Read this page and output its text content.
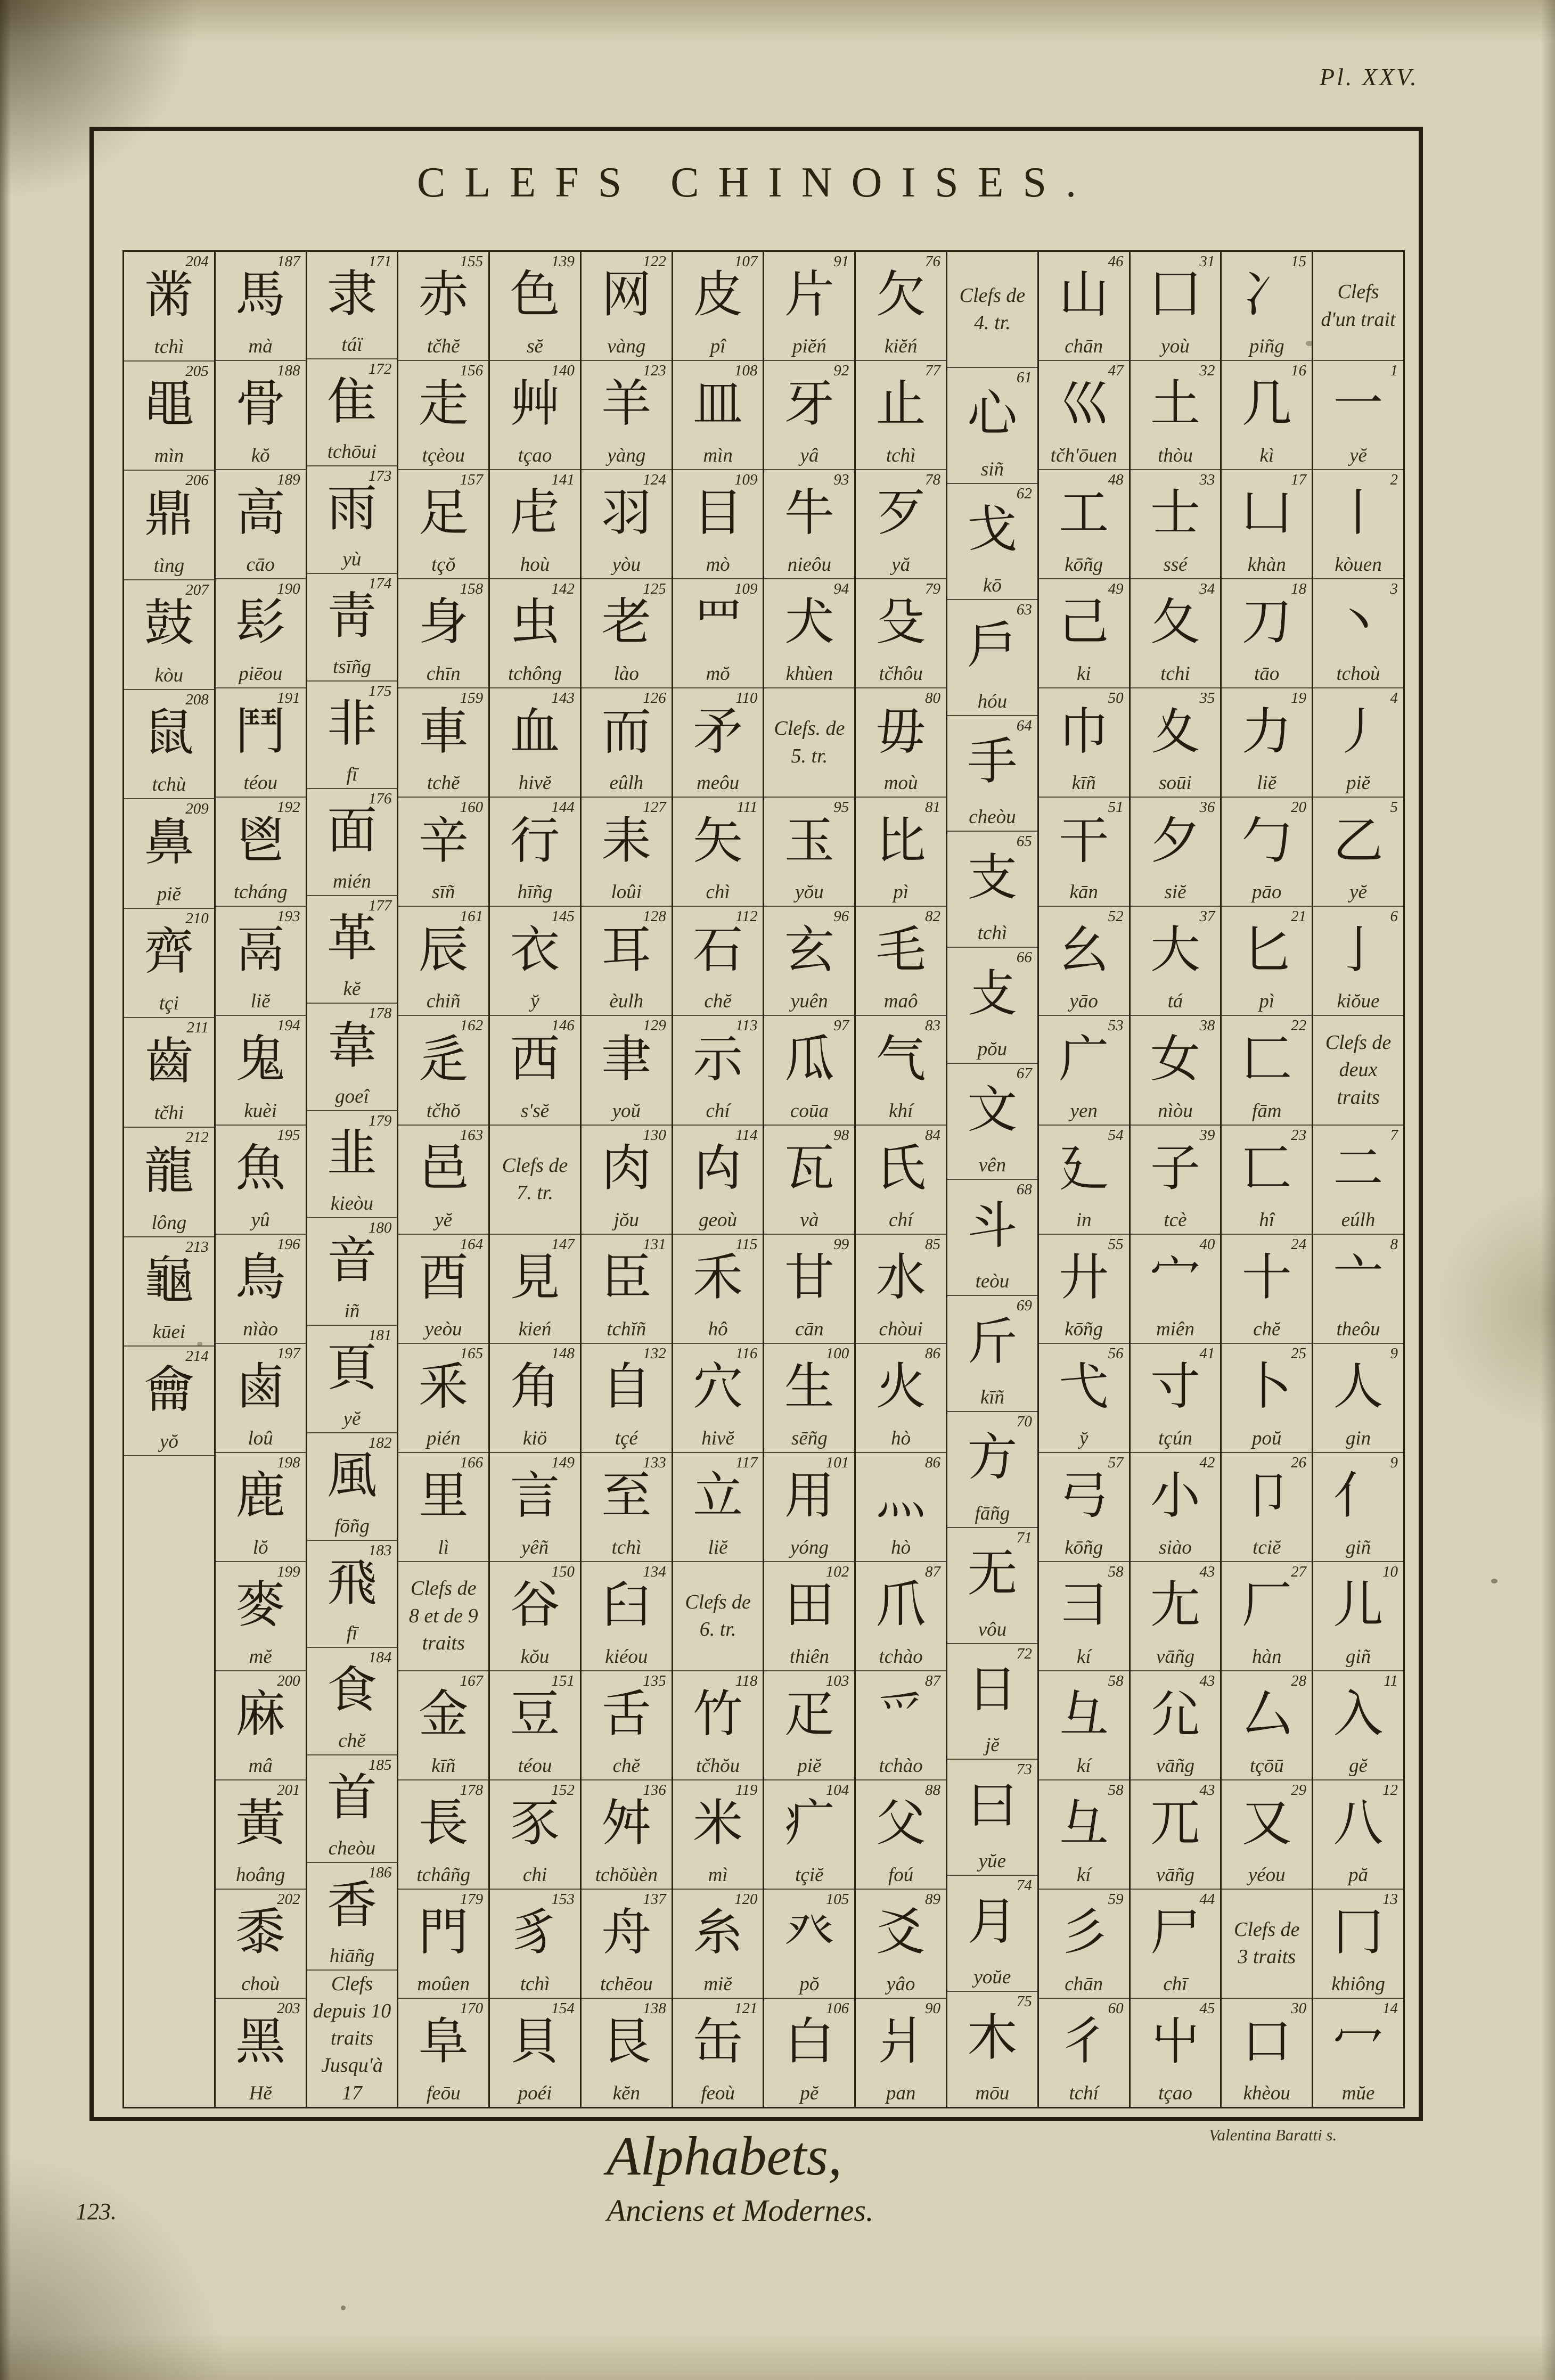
Pl. XXV.
CLEFS CHINOISES.
204
黹
tchì
205
黽
mìn
206
鼎
tìng
207
鼓
kòu
208
鼠
tchù
209
鼻
piĕ
210
齊
tçi
211
齒
tčhi
212
龍
lông
213
龜
kūei
214
龠
yŏ
187
馬
mà
188
骨
kŏ
189
高
cāo
190
髟
piēou
191
鬥
téou
192
鬯
tcháng
193
鬲
liĕ
194
鬼
kuèi
195
魚
yû
196
鳥
nìào
197
鹵
loû
198
鹿
lŏ
199
麥
mĕ
200
麻
mâ
201
黃
hoâng
202
黍
choù
203
黑
Hĕ
171
隶
táï
172
隹
tchōui
173
雨
yù
174
靑
tsīñg
175
非
fī
176
面
mién
177
革
kĕ
178
韋
goeî
179
韭
kieòu
180
音
iñ
181
頁
yĕ
182
風
fōñg
183
飛
fī
184
食
chĕ
185
首
cheòu
186
香
hiāñg
Clefs depuis 10 traits Jusqu'à 17
155
赤
tčhĕ
156
走
tçèou
157
足
tçŏ
158
身
chīn
159
車
tchĕ
160
辛
sīñ
161
辰
chiñ
162
辵
tčhŏ
163
邑
yĕ
164
酉
yeòu
165
釆
pién
166
里
lì
Clefs de 8 et de 9 traits
167
金
kīñ
178
長
tchâñg
179
門
moûen
170
阜
feōu
139
色
sĕ
140
艸
tçao
141
虍
hoù
142
虫
tchông
143
血
hivĕ
144
行
hīñg
145
衣
y̆
146
西
s'sĕ
Clefs de 7. tr.
147
見
kień
148
角
kiö
149
言
yêñ
150
谷
kŏu
151
豆
téou
152
豕
chi
153
豸
tchì
154
貝
poéi
122
网
vàng
123
羊
yàng
124
羽
yòu
125
老
lào
126
而
eûlh
127
耒
loûi
128
耳
èulh
129
聿
yoŭ
130
肉
jŏu
131
臣
tchĭñ
132
自
tçé
133
至
tchì
134
臼
kiéou
135
舌
chĕ
136
舛
tchŏùèn
137
舟
tchēou
138
艮
kĕn
107
皮
pî
108
皿
mìn
109
目
mò
109
罒
mŏ
110
矛
meôu
111
矢
chì
112
石
chĕ
113
示
chí
114
禸
geoù
115
禾
hô
116
穴
hivĕ
117
立
liĕ
Clefs de 6. tr.
118
竹
tčhŏu
119
米
mì
120
糸
miĕ
121
缶
feoù
91
片
piĕń
92
牙
yâ
93
牛
nieôu
94
犬
khùen
Clefs. de 5. tr.
95
玉
yŏu
96
玄
yuên
97
瓜
coūa
98
瓦
và
99
甘
cān
100
生
sēñg
101
用
yóng
102
田
thiên
103
疋
piĕ
104
疒
tçiĕ
105
癶
pŏ
106
白
pĕ
76
欠
kiĕń
77
止
tchì
78
歹
yă
79
殳
tčhôu
80
毋
moù
81
比
pì
82
毛
maô
83
气
khí
84
氏
chí
85
水
chòui
86
火
hò
86
灬
hò
87
爪
tchào
87
爫
tchào
88
父
foú
89
爻
yâo
90
爿
pan
Clefs de 4. tr.
61
心
siñ
62
戈
kō
63
戶
hóu
64
手
cheòu
65
支
tchì
66
攴
pŏu
67
文
vên
68
斗
teòu
69
斤
kīñ
70
方
fāñg
71
无
vôu
72
日
jĕ
73
曰
yŭe
74
月
yoŭe
75
木
mōu
46
山
chān
47
巛
tčh'ōuen
48
工
kōñg
49
己
ki
50
巾
kīñ
51
干
kān
52
幺
yāo
53
广
yen
54
廴
in
55
廾
kōñg
56
弋
y̆
57
弓
kōñg
58
彐
kí
58
彑
kí
58
彑
kí
59
彡
chān
60
彳
tchí
31
囗
yoù
32
土
thòu
33
士
ssé
34
夂
tchi
35
夊
soūi
36
夕
siĕ
37
大
tá
38
女
nìòu
39
子
tcè
40
宀
miên
41
寸
tçún
42
小
siào
43
尢
vāñg
43
尣
vāñg
43
兀
vāñg
44
尸
chī
45
屮
tçao
15
冫
piñg
16
几
kì
17
凵
khàn
18
刀
tāo
19
力
liĕ
20
勹
pāo
21
匕
pì
22
匚
fām
23
匸
hî
24
十
chĕ
25
卜
poŭ
26
卩
tciĕ
27
厂
hàn
28
厶
tçōū
29
又
yéou
Clefs de 3 traits
30
口
khèou
Clefs d'un trait
1
一
yĕ
2
丨
kòuen
3
丶
tchoù
4
丿
piĕ
5
乙
yĕ
6
亅
kiŏue
Clefs de deux traits
7
二
eúlh
8
亠
theôu
9
人
gin
9
亻
giñ
10
儿
giñ
11
入
gĕ
12
八
pă
13
冂
khiông
14
冖
mŭe
Alphabets,
Anciens et Modernes.
Valentina Baratti s.
123.
